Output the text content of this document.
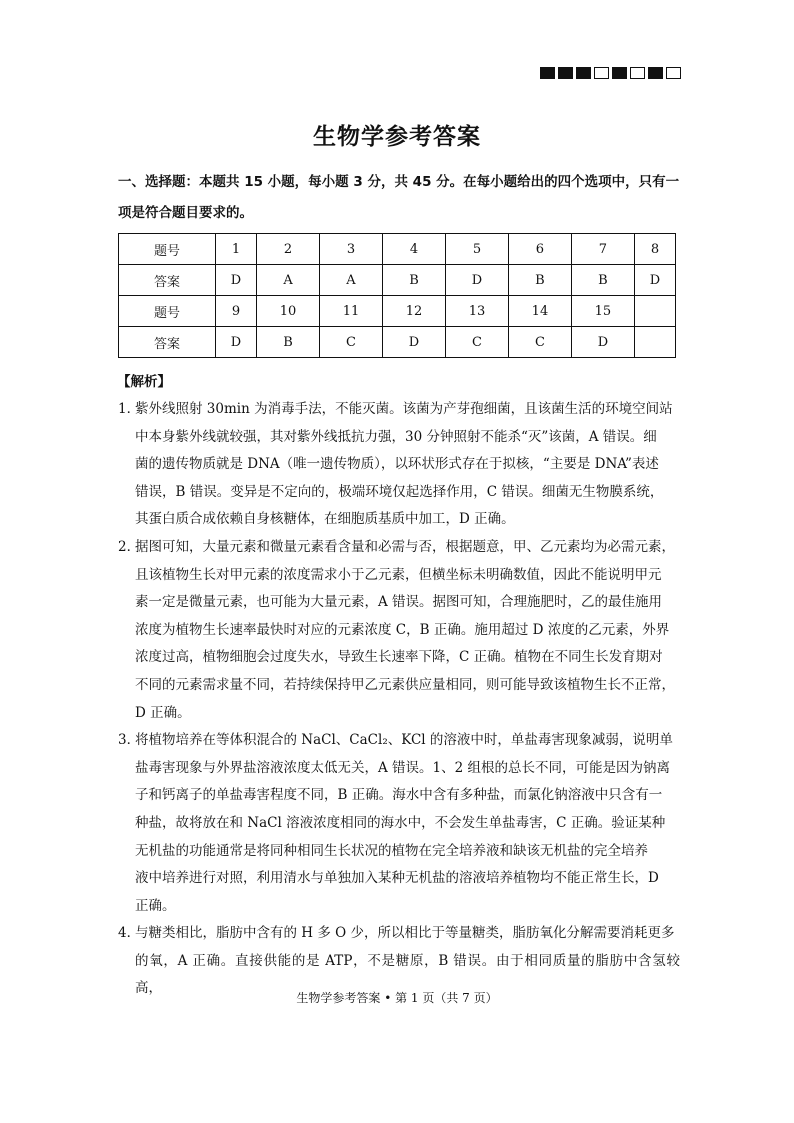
生物学参考答案
一、选择题：本题共 15 小题，每小题 3 分，共 45 分。在每小题给出的四个选项中，只有一项是符合题目要求的。
题号	1	2	3	4	5	6	7	8
答案	D	A	A	B	D	B	B	D
题号	9	10	11	12	13	14	15	
答案	D	B	C	D	C	C	D	
【解析】
1．

紫外线照射 30min 为消毒手法，不能灭菌。该菌为产芽孢细菌，且该菌生活的环境空间站

中本身紫外线就较强，其对紫外线抵抗力强，30 分钟照射不能杀“灭”该菌，A 错误。细

菌的遗传物质就是 DNA（唯一遗传物质），以环状形式存在于拟核，“主要是 DNA”表述

错误，B 错误。变异是不定向的，极端环境仅起选择作用，C 错误。细菌无生物膜系统，

其蛋白质合成依赖自身核糖体，在细胞质基质中加工，D 正确。

2．

据图可知，大量元素和微量元素看含量和必需与否，根据题意，甲、乙元素均为必需元素，

且该植物生长对甲元素的浓度需求小于乙元素，但横坐标未明确数值，因此不能说明甲元

素一定是微量元素，也可能为大量元素，A 错误。据图可知，合理施肥时，乙的最佳施用

浓度为植物生长速率最快时对应的元素浓度 C，B 正确。施用超过 D 浓度的乙元素，外界

浓度过高，植物细胞会过度失水，导致生长速率下降，C 正确。植物在不同生长发育期对

不同的元素需求量不同，若持续保持甲乙元素供应量相同，则可能导致该植物生长不正常，

D 正确。

3．

将植物培养在等体积混合的 NaCl、CaCl₂、KCl 的溶液中时，单盐毒害现象减弱，说明单

盐毒害现象与外界盐溶液浓度太低无关，A 错误。1、2 组根的总长不同，可能是因为钠离

子和钙离子的单盐毒害程度不同，B 正确。海水中含有多种盐，而氯化钠溶液中只含有一

种盐，故将放在和 NaCl 溶液浓度相同的海水中，不会发生单盐毒害，C 正确。验证某种

无机盐的功能通常是将同种相同生长状况的植物在完全培养液和缺该无机盐的完全培养

液中培养进行对照，利用清水与单独加入某种无机盐的溶液培养植物均不能正常生长，D

正确。

4．

与糖类相比，脂肪中含有的 H 多 O 少，所以相比于等量糖类，脂肪氧化分解需要消耗更多

的氧，A 正确。直接供能的是 ATP，不是糖原，B 错误。由于相同质量的脂肪中含氢较高，

生物学参考答案 • 第 1 页（共 7 页）
